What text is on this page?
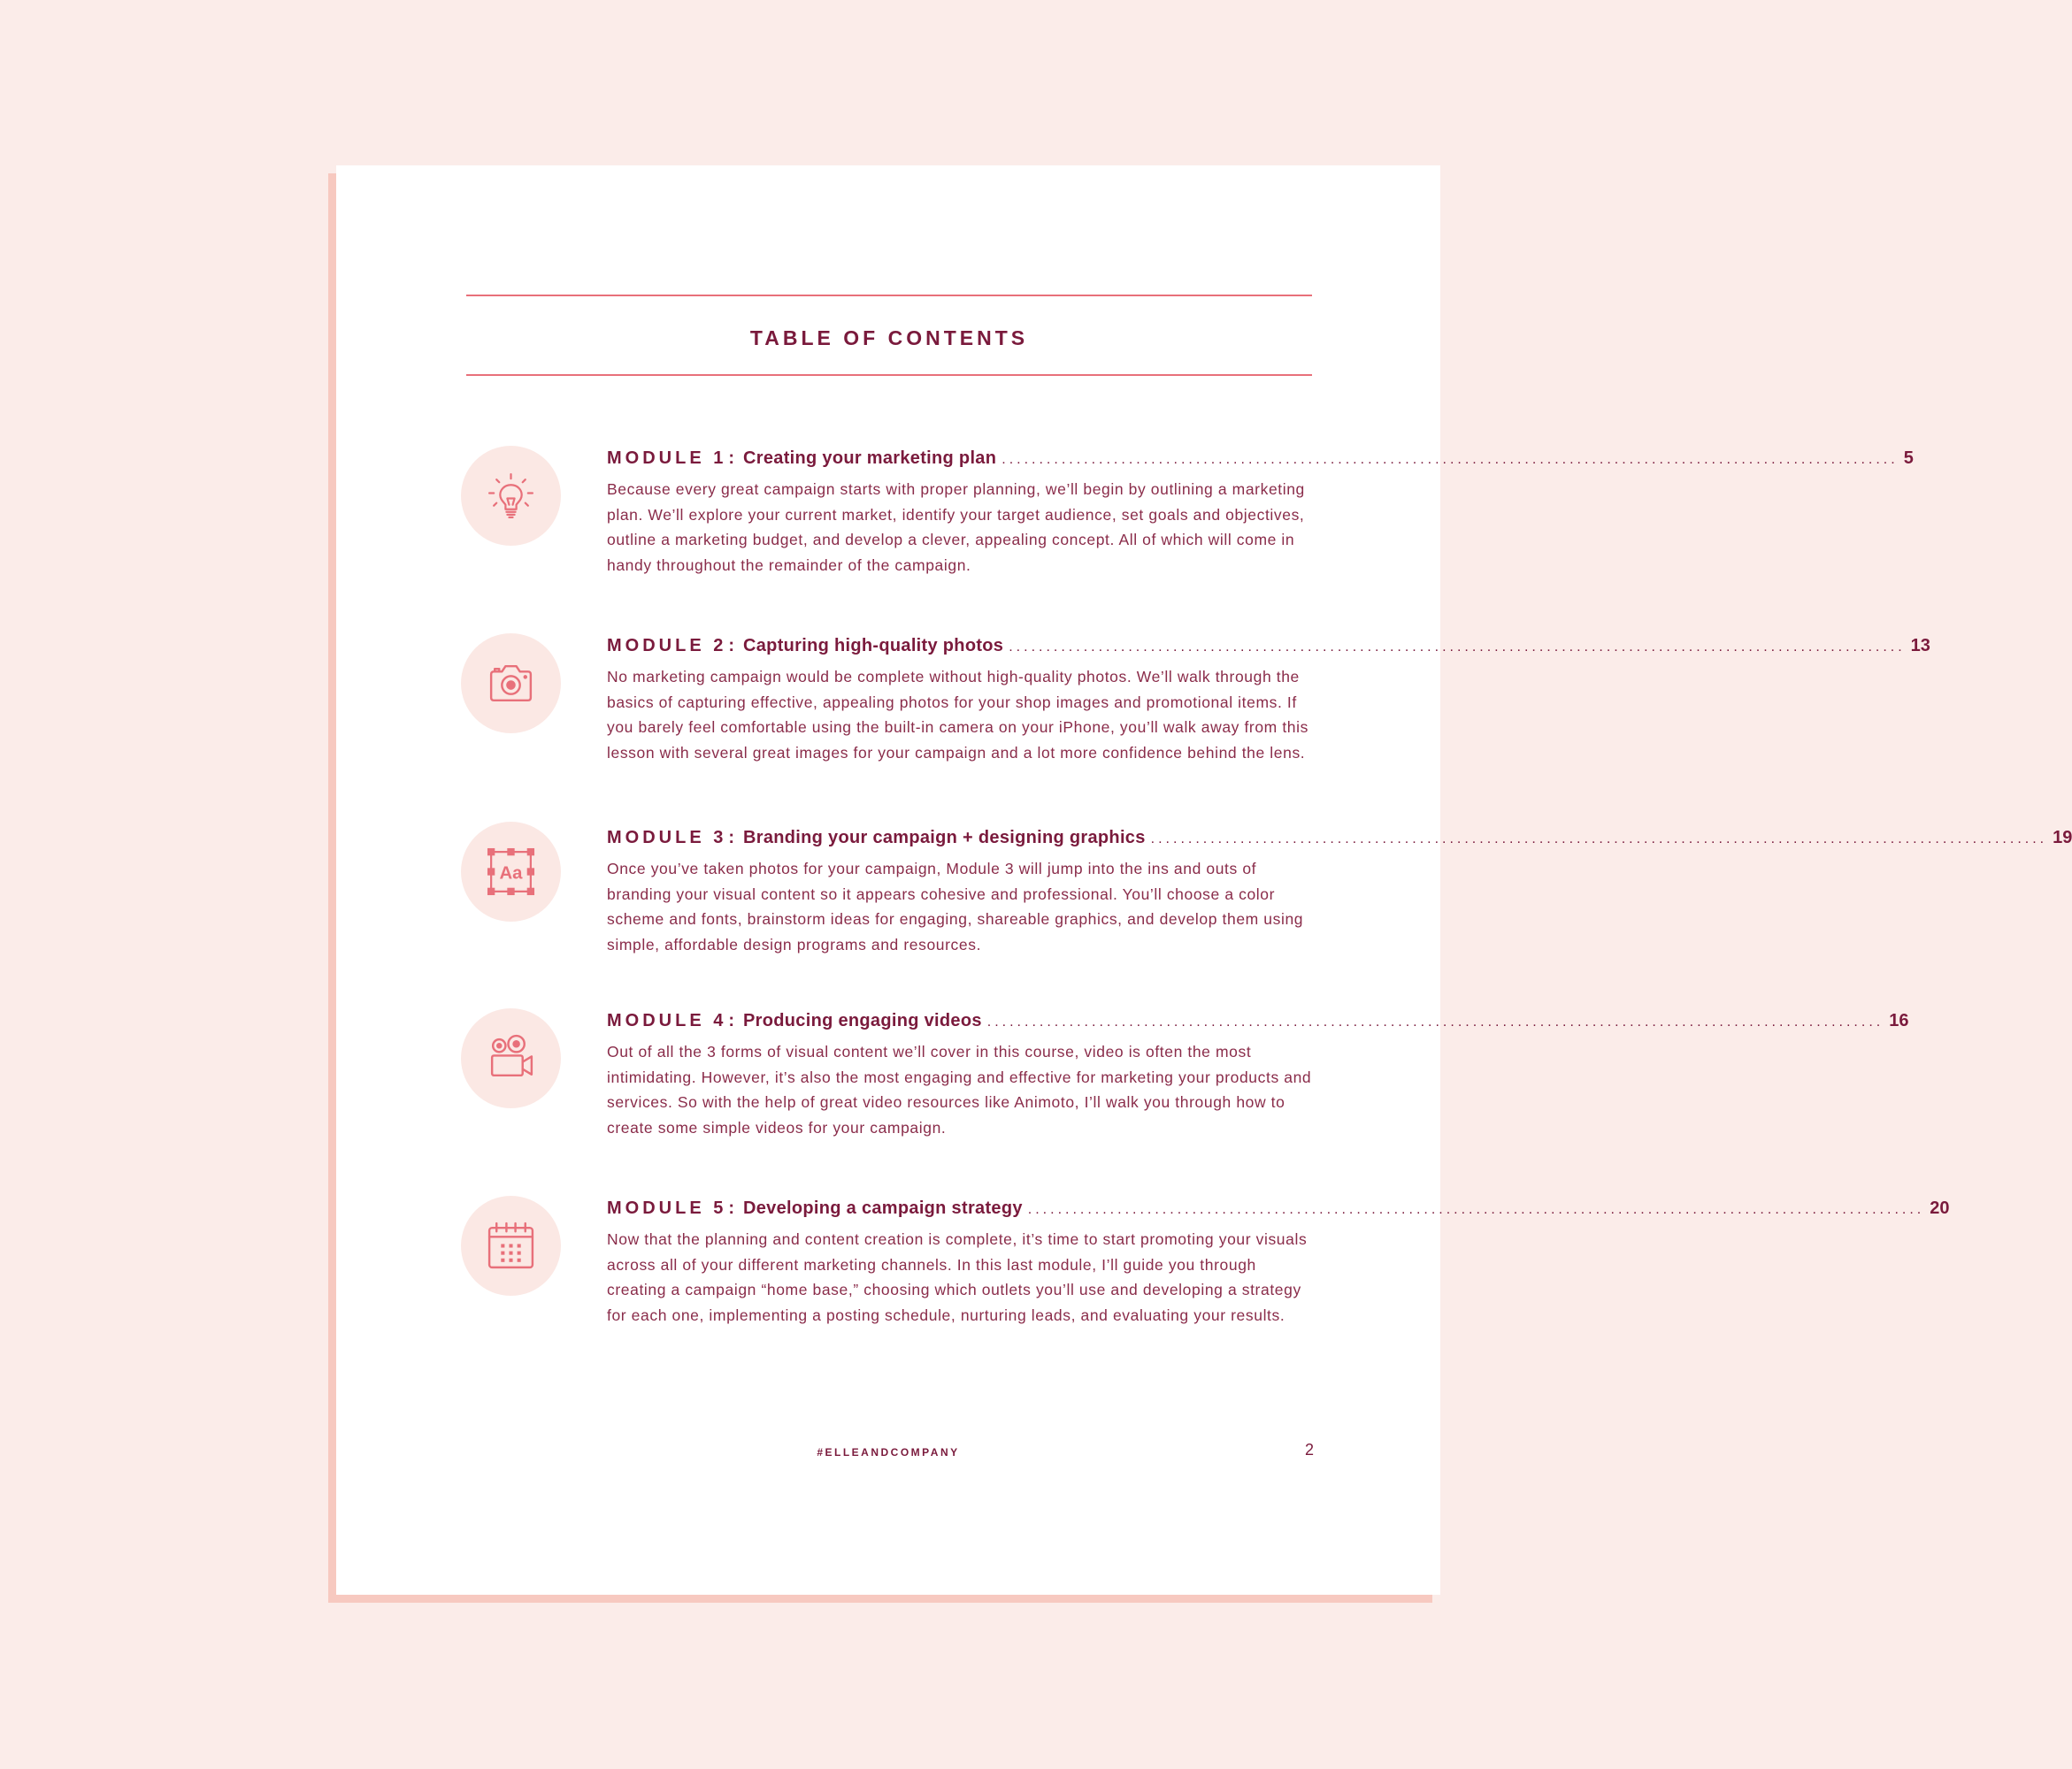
TABLE OF CONTENTS
MODULE 1 : Creating your marketing plan ........................................................................................................................ 5

Because every great campaign starts with proper planning, we’ll begin by outlining a marketing plan. We’ll explore your current market, identify your target audience, set goals and objectives, outline a marketing budget, and develop a clever, appealing concept. All of which will come in handy throughout the remainder of the campaign.

MODULE 2 : Capturing high-quality photos ........................................................................................................................ 13

No marketing campaign would be complete without high-quality photos. We’ll walk through the basics of capturing effective, appealing photos for your shop images and promotional items. If you barely feel comfortable using the built-in camera on your iPhone, you’ll walk away from this lesson with several great images for your campaign and a lot more confidence behind the lens.

Aa
MODULE 3 : Branding your campaign + designing graphics ........................................................................................................................ 19

Once you’ve taken photos for your campaign, Module 3 will jump into the ins and outs of branding your visual content so it appears cohesive and professional. You’ll choose a color scheme and fonts, brainstorm ideas for engaging, shareable graphics, and develop them using simple, affordable design programs and resources.

MODULE 4 : Producing engaging videos ........................................................................................................................ 16

Out of all the 3 forms of visual content we’ll cover in this course, video is often the most intimidating. However, it’s also the most engaging and effective for marketing your products and services. So with the help of great video resources like Animoto, I’ll walk you through how to create some simple videos for your campaign.

MODULE 5 : Developing a campaign strategy ........................................................................................................................ 20

Now that the planning and content creation is complete, it’s time to start promoting your visuals across all of your different marketing channels. In this last module, I’ll guide you through creating a campaign “home base,” choosing which outlets you’ll use and developing a strategy for each one, implementing a posting schedule, nurturing leads, and evaluating your results.

#ELLEANDCOMPANY	2
